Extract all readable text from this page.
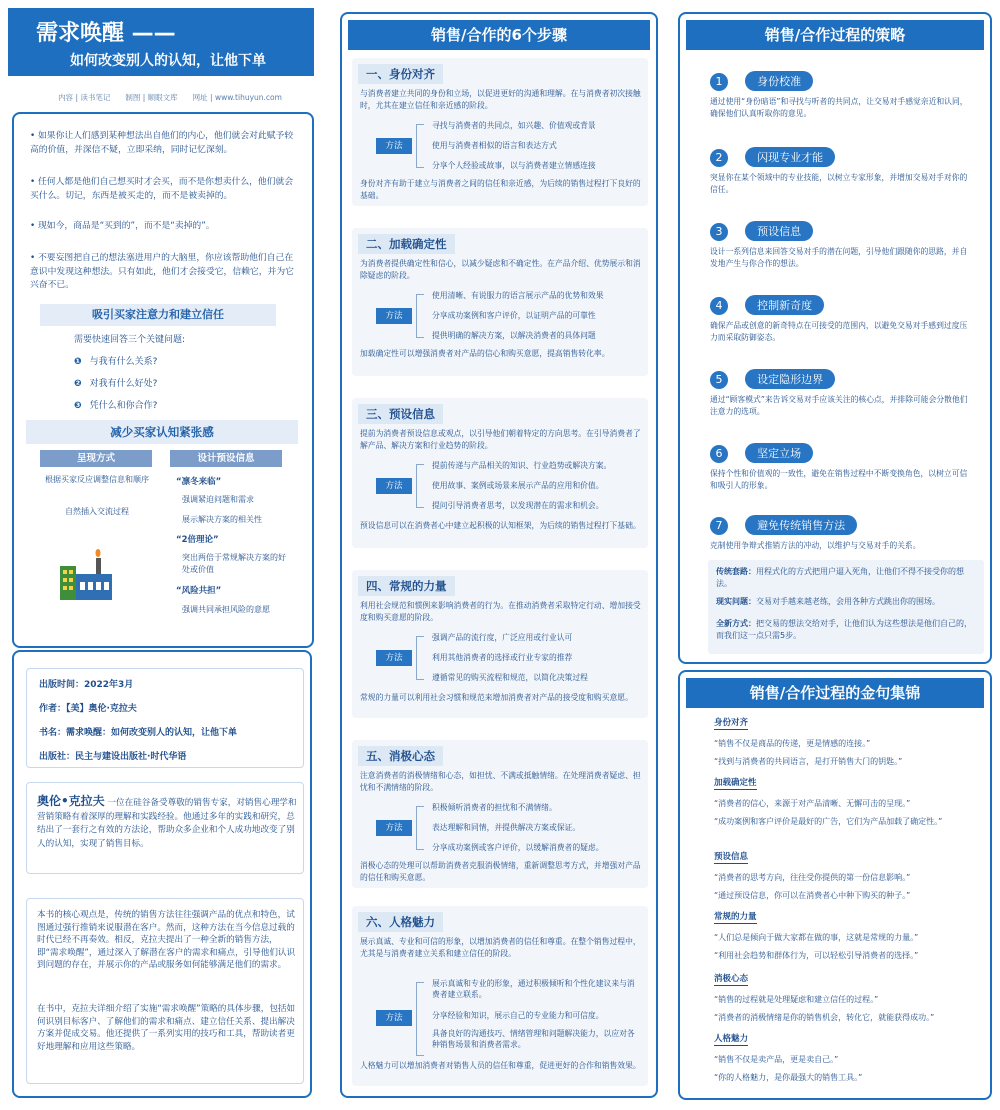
需求唤醒 ——
如何改变别人的认知，让他下单
内容 | 读书笔记　　制图 | 顺眼文库　　网址 | www.tihuyun.com
• 如果你让人们感到某种想法出自他们的内心，他们就会对此赋予较高的价值，并深信不疑，立即采纳，同时记忆深刻。
• 任何人都是他们自己想买时才会买，而不是你想卖什么，他们就会买什么。切记，东西是被买走的，而不是被卖掉的。
• 现如今，商品是“买到的”，而不是“卖掉的”。
• 不要妄图把自己的想法塞进用户的大脑里，你应该帮助他们自己在意识中发现这种想法。只有如此，他们才会接受它，信赖它，并为它兴奋不已。
吸引买家注意力和建立信任
需要快速回答三个关键问题:
❶ 与我有什么关系?
❷ 对我有什么好处?
❸ 凭什么和你合作?
减少买家认知紧张感
呈现方式	设计预设信息
根据买家反应调整信息和顺序
自然插入交流过程
“凛冬来临”
强调紧迫问题和需求
展示解决方案的相关性
“2倍理论”
突出两倍于常规解决方案的好处或价值
“风险共担”
强调共同承担风险的意愿
出版时间：2022年3月
作者：【美】奥伦·克拉夫
书名：需求唤醒：如何改变别人的认知，让他下单
出版社：民主与建设出版社·时代华语
奥伦•克拉夫 一位在硅谷备受尊敬的销售专家，对销售心理学和营销策略有着深厚的理解和实践经验。他通过多年的实践和研究，总结出了一套行之有效的方法论，帮助众多企业和个人成功地改变了别人的认知，实现了销售目标。
本书的核心观点是，传统的销售方法往往强调产品的优点和特色，试图通过强行推销来说服潜在客户。然而，这种方法在当今信息过载的时代已经不再奏效。相反，克拉夫提出了一种全新的销售方法，即“需求唤醒”，通过深入了解潜在客户的需求和痛点，引导他们认识到问题的存在，并展示你的产品或服务如何能够满足他们的需求。
在书中，克拉夫详细介绍了实施“需求唤醒”策略的具体步骤，包括如何识别目标客户、了解他们的需求和痛点、建立信任关系、提出解决方案并促成交易。他还提供了一系列实用的技巧和工具，帮助读者更好地理解和应用这些策略。
销售/合作的6个步骤
一、身份对齐
与消费者建立共同的身份和立场，以促进更好的沟通和理解。在与消费者初次接触时，尤其在建立信任和亲近感的阶段。
方法
寻找与消费者的共同点，如兴趣、价值观或背景
使用与消费者相似的语言和表达方式
分享个人经验或故事，以与消费者建立情感连接
身份对齐有助于建立与消费者之间的信任和亲近感，为后续的销售过程打下良好的基础。
二、加载确定性
为消费者提供确定性和信心，以减少疑虑和不确定性。在产品介绍、优势展示和消除疑虑的阶段。
方法
使用清晰、有说服力的语言展示产品的优势和效果
分享成功案例和客户评价，以证明产品的可靠性
提供明确的解决方案，以解决消费者的具体问题
加载确定性可以增强消费者对产品的信心和购买意愿，提高销售转化率。
三、预设信息
提前为消费者预设信息或观点，以引导他们朝着特定的方向思考。在引导消费者了解产品、解决方案和行业趋势的阶段。
方法
提前传递与产品相关的知识、行业趋势或解决方案。
使用故事、案例或场景来展示产品的应用和价值。
提问引导消费者思考，以发现潜在的需求和机会。
预设信息可以在消费者心中建立起积极的认知框架，为后续的销售过程打下基础。
四、常规的力量
利用社会规范和惯例来影响消费者的行为。在推动消费者采取特定行动、增加接受度和购买意愿的阶段。
方法
强调产品的流行度，广泛应用或行业认可
利用其他消费者的选择或行业专家的推荐
遵循常见的购买流程和规范，以简化决策过程
常规的力量可以利用社会习惯和规范来增加消费者对产品的接受度和购买意愿。
五、消极心态
注意消费者的消极情绪和心态，如担忧、不满或抵触情绪。在处理消费者疑虑、担忧和不满情绪的阶段。
方法
积极倾听消费者的担忧和不满情绪。
表达理解和同情，并提供解决方案或保证。
分享成功案例或客户评价，以缓解消费者的疑虑。
消极心态的处理可以帮助消费者克服消极情绪，重新调整思考方式，并增强对产品的信任和购买意愿。
六、人格魅力
展示真诚、专业和可信的形象，以增加消费者的信任和尊重。在整个销售过程中，尤其是与消费者建立关系和建立信任的阶段。
方法
展示真诚和专业的形象，通过积极倾听和个性化建议来与消费者建立联系。
分享经验和知识，展示自己的专业能力和可信度。
具备良好的沟通技巧、情绪管理和问题解决能力，以应对各种销售场景和消费者需求。
人格魅力可以增加消费者对销售人员的信任和尊重，促进更好的合作和销售效果。
销售/合作过程的策略
1	身份校准
通过使用“身份暗语”和寻找与听者的共同点，让交易对手感觉亲近和认同，确保他们认真听取你的意见。
2	闪现专业才能
突显你在某个领域中的专业技能，以树立专家形象，并增加交易对手对你的信任。
3	预设信息
设计一系列信息来回答交易对手的潜在问题，引导他们跟随你的思路，并自发地产生与你合作的想法。
4	控制新奇度
确保产品或创意的新奇特点在可接受的范围内，以避免交易对手感到过度压力而采取防御姿态。
5	设定隐形边界
通过“顾客模式”来告诉交易对手应该关注的核心点，并排除可能会分散他们注意力的选项。
6	坚定立场
保持个性和价值观的一致性，避免在销售过程中不断变换角色，以树立可信和吸引人的形象。
7	避免传统销售方法
克制使用争辩式推销方法的冲动，以维护与交易对手的关系。
传统套路：用程式化的方式把用户逼入死角，让他们不得不接受你的想法。
现实问题：交易对手越来越老练，会用各种方式跳出你的围场。
全新方式：把交易的想法交给对手，让他们认为这些想法是他们自己的，而我们这一点只需5步。
销售/合作过程的金句集锦
身份对齐
“销售不仅是商品的传递，更是情感的连接。”
“找到与消费者的共同语言，是打开销售大门的钥匙。”
加载确定性
“消费者的信心，来源于对产品清晰、无懈可击的呈现。”
“成功案例和客户评价是最好的广告，它们为产品加载了确定性。”
预设信息
“消费者的思考方向，往往受你提供的第一份信息影响。”
“通过预设信息，你可以在消费者心中种下购买的种子。”
常规的力量
“人们总是倾向于做大家都在做的事，这就是常规的力量。”
“利用社会趋势和群体行为，可以轻松引导消费者的选择。”
消极心态
“销售的过程就是处理疑虑和建立信任的过程。”
“消费者的消极情绪是你的销售机会，转化它，就能获得成功。”
人格魅力
“销售不仅是卖产品，更是卖自己。”
“你的人格魅力，是你最强大的销售工具。”
